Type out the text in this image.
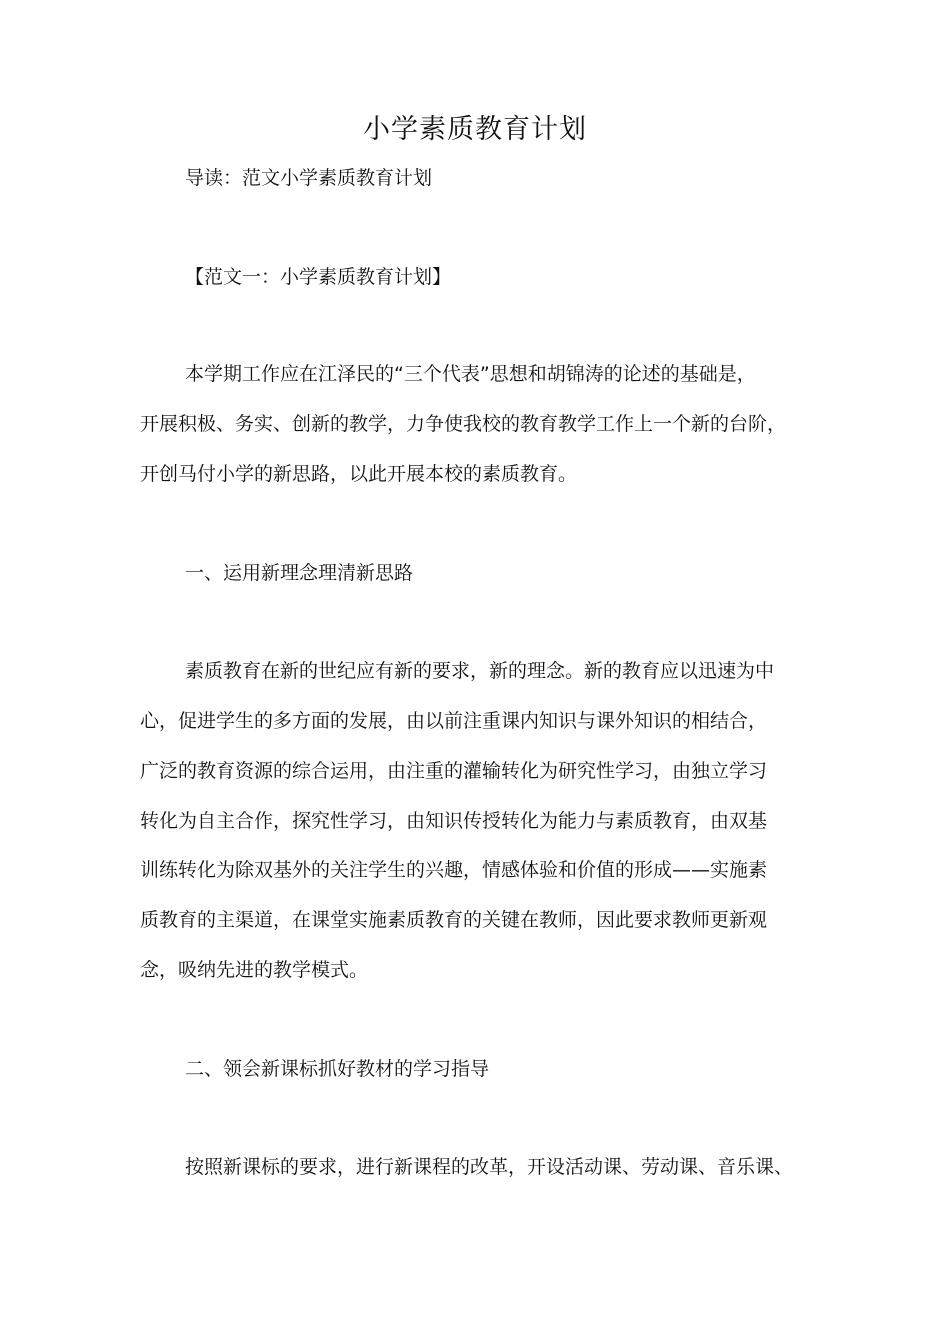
小学素质教育计划

导读：范文小学素质教育计划

【范文一：小学素质教育计划】

本学期工作应在江泽民的“三个代表”思想和胡锦涛的论述的基础是，

开展积极、务实、创新的教学，力争使我校的教育教学工作上一个新的台阶，

开创马付小学的新思路，以此开展本校的素质教育。

一、运用新理念理清新思路

素质教育在新的世纪应有新的要求，新的理念。新的教育应以迅速为中

心，促进学生的多方面的发展，由以前注重课内知识与课外知识的相结合，

广泛的教育资源的综合运用，由注重的灌输转化为研究性学习，由独立学习

转化为自主合作，探究性学习，由知识传授转化为能力与素质教育，由双基

训练转化为除双基外的关注学生的兴趣，情感体验和价值的形成——实施素

质教育的主渠道，在课堂实施素质教育的关键在教师，因此要求教师更新观

念，吸纳先进的教学模式。

二、领会新课标抓好教材的学习指导

按照新课标的要求，进行新课程的改革，开设活动课、劳动课、音乐课、
